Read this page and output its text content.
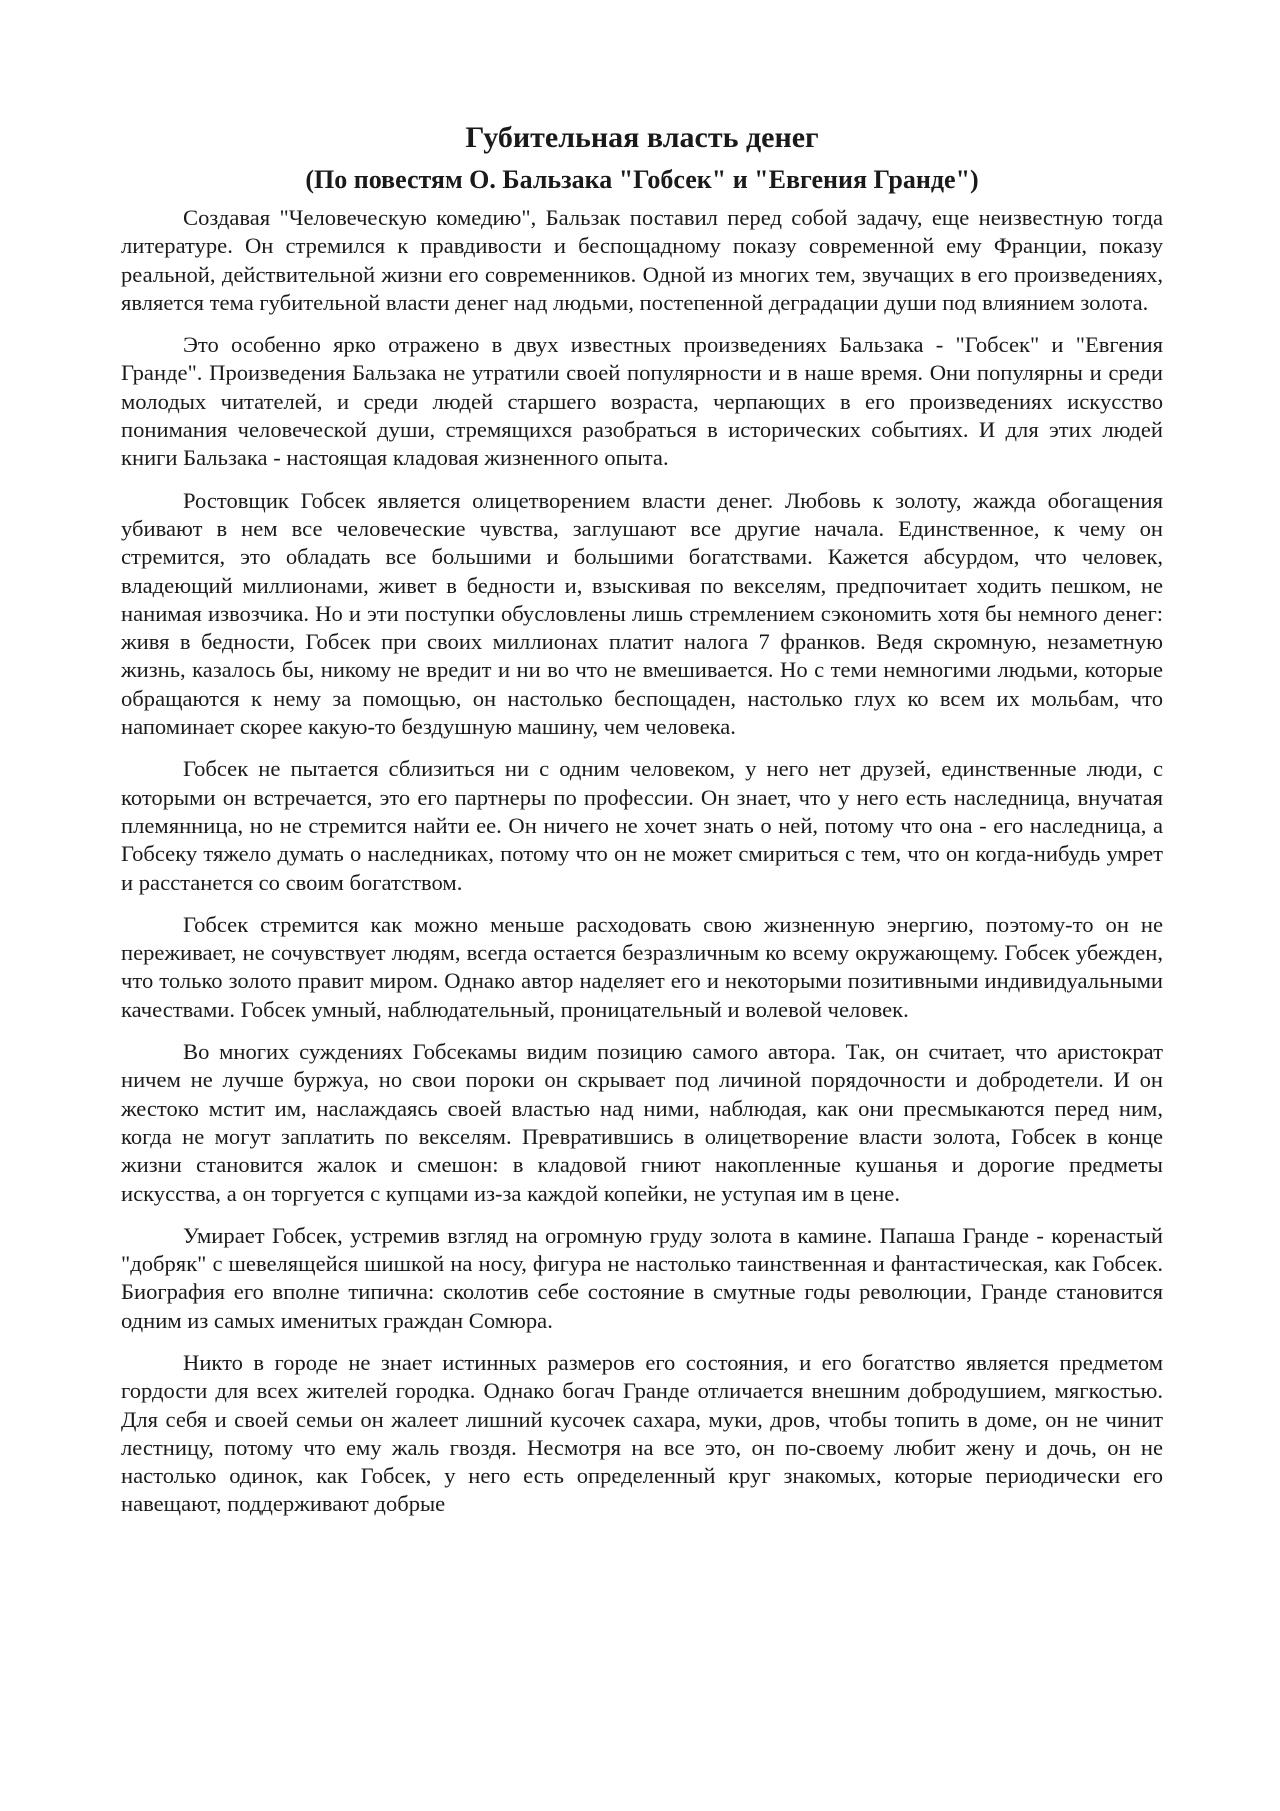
Губительная власть денег
(По повестям О. Бальзака "Гобсек" и "Евгения Гранде")

Создавая "Человеческую комедию", Бальзак поставил перед собой задачу, еще неизвестную тогда литературе. Он стремился к правдивости и беспощадному показу современной ему Франции, показу реальной, действительной жизни его современников. Одной из многих тем, звучащих в его произведениях, является тема губительной власти денег над людьми, постепенной деградации души под влиянием золота.

Это особенно ярко отражено в двух известных произведениях Бальзака - "Гобсек" и "Евгения Гранде". Произведения Бальзака не утратили своей популярности и в наше время. Они популярны и среди молодых читателей, и среди людей старшего возраста, черпающих в его произведениях искусство понимания человеческой души, стремящихся разобраться в исторических событиях. И для этих людей книги Бальзака - настоящая кладовая жизненного опыта.

Ростовщик Гобсек является олицетворением власти денег. Любовь к золоту, жажда обогащения убивают в нем все человеческие чувства, заглушают все другие начала. Единственное, к чему он стремится, это обладать все большими и большими богатствами. Кажется абсурдом, что человек, владеющий миллионами, живет в бедности и, взыскивая по векселям, предпочитает ходить пешком, не нанимая извозчика. Но и эти поступки обусловлены лишь стремлением сэкономить хотя бы немного денег: живя в бедности, Гобсек при своих миллионах платит налога 7 франков. Ведя скромную, незаметную жизнь, казалось бы, никому не вредит и ни во что не вмешивается. Но с теми немногими людьми, которые обращаются к нему за помощью, он настолько беспощаден, настолько глух ко всем их мольбам, что напоминает скорее какую-то бездушную машину, чем человека.

Гобсек не пытается сблизиться ни с одним человеком, у него нет друзей, единственные люди, с которыми он встречается, это его партнеры по профессии. Он знает, что у него есть наследница, внучатая племянница, но не стремится найти ее. Он ничего не хочет знать о ней, потому что она - его наследница, а Гобсеку тяжело думать о наследниках, потому что он не может смириться с тем, что он когда-нибудь умрет и расстанется со своим богатством.

Гобсек стремится как можно меньше расходовать свою жизненную энергию, поэтому-то он не переживает, не сочувствует людям, всегда остается безразличным ко всему окружающему. Гобсек убежден, что только золото правит миром. Однако автор наделяет его и некоторыми позитивными индивидуальными качествами. Гобсек умный, наблюдательный, проницательный и волевой человек.

Во многих суждениях Гобсекамы видим позицию самого автора. Так, он считает, что аристократ ничем не лучше буржуа, но свои пороки он скрывает под личиной порядочности и добродетели. И он жестоко мстит им, наслаждаясь своей властью над ними, наблюдая, как они пресмыкаются перед ним, когда не могут заплатить по векселям. Превратившись в олицетворение власти золота, Гобсек в конце жизни становится жалок и смешон: в кладовой гниют накопленные кушанья и дорогие предметы искусства, а он торгуется с купцами из-за каждой копейки, не уступая им в цене.

Умирает Гобсек, устремив взгляд на огромную груду золота в камине. Папаша Гранде - коренастый "добряк" с шевелящейся шишкой на носу, фигура не настолько таинственная и фантастическая, как Гобсек. Биография его вполне типична: сколотив себе состояние в смутные годы революции, Гранде становится одним из самых именитых граждан Сомюра.

Никто в городе не знает истинных размеров его состояния, и его богатство является предметом гордости для всех жителей городка. Однако богач Гранде отличается внешним добродушием, мягкостью. Для себя и своей семьи он жалеет лишний кусочек сахара, муки, дров, чтобы топить в доме, он не чинит лестницу, потому что ему жаль гвоздя. Несмотря на все это, он по-своему любит жену и дочь, он не настолько одинок, как Гобсек, у него есть определенный круг знакомых, которые периодически его навещают, поддерживают добрые
